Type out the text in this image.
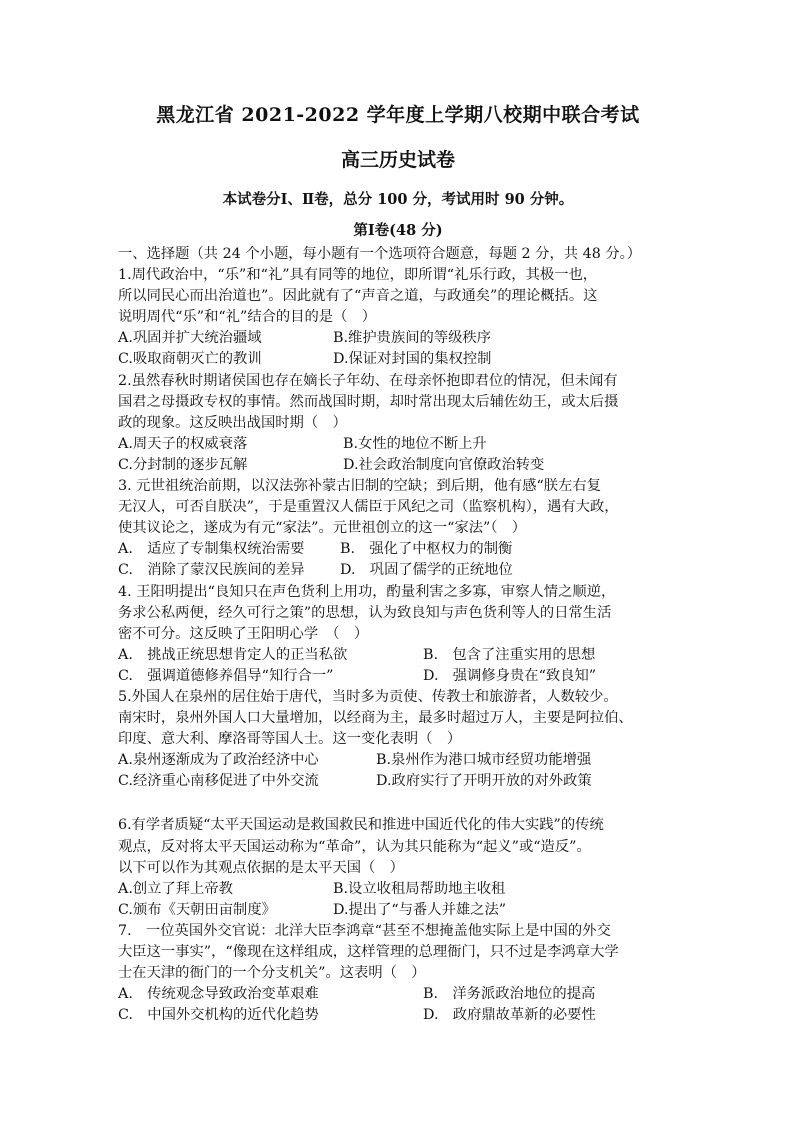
黑龙江省 2021-2022 学年度上学期八校期中联合考试
高三历史试卷
本试卷分Ⅰ、Ⅱ卷，总分 100 分，考试用时 90 分钟。
第Ⅰ卷(48 分)
一、选择题（共 24 个小题，每小题有一个选项符合题意，每题 2 分，共 48 分。）
1.周代政治中，“乐”和“礼”具有同等的地位，即所谓“礼乐行政，其极一也，
所以同民心而出治道也”。因此就有了“声音之道，与政通矣”的理论概括。这
说明周代“乐”和“礼”结合的目的是（　）
A.巩固并扩大统治疆域	B.维护贵族间的等级秩序
C.吸取商朝灭亡的教训	D.保证对封国的集权控制
2.虽然春秋时期诸侯国也存在嫡长子年幼、在母亲怀抱即君位的情况，但未闻有
国君之母摄政专权的事情。然而战国时期，却时常出现太后辅佐幼王，或太后摄
政的现象。这反映出战国时期（　）
A.周天子的权威衰落	B.女性的地位不断上升
C.分封制的逐步瓦解	D.社会政治制度向官僚政治转变
3. 元世祖统治前期，以汉法弥补蒙古旧制的空缺；到后期，他有感“朕左右复
无汉人，可否自朕决”，于是重置汉人儒臣于风纪之司（监察机构），遇有大政，
使其议论之，遂成为有元“家法”。元世祖创立的这一“家法”（　）
A.　适应了专制集权统治需要	B.　强化了中枢权力的制衡
C.　消除了蒙汉民族间的差异	D.　巩固了儒学的正统地位
4. 王阳明提出“良知只在声色货利上用功，酌量利害之多寡，审察人情之顺逆，
务求公私两便，经久可行之策”的思想，认为致良知与声色货利等人的日常生活
密不可分。这反映了王阳明心学　（　）
A.　挑战正统思想肯定人的正当私欲	B.　包含了注重实用的思想
C.　强调道德修养倡导“知行合一”	D.　强调修身贵在“致良知”
5.外国人在泉州的居住始于唐代，当时多为贡使、传教士和旅游者，人数较少。
南宋时，泉州外国人口大量增加，以经商为主，最多时超过万人，主要是阿拉伯、
印度、意大利、摩洛哥等国人士。这一变化表明（　）
A.泉州逐渐成为了政治经济中心	B.泉州作为港口城市经贸功能增强
C.经济重心南移促进了中外交流	D.政府实行了开明开放的对外政策
6.有学者质疑“太平天国运动是救国救民和推进中国近代化的伟大实践”的传统
观点，反对将太平天国运动称为“革命”，认为其只能称为“起义”或“造反”。
以下可以作为其观点依据的是太平天国（　）
A.创立了拜上帝教	B.设立收租局帮助地主收租
C.颁布《天朝田亩制度》	D.提出了“与番人并雄之法”
7.　一位英国外交官说：北洋大臣李鸿章“甚至不想掩盖他实际上是中国的外交
大臣这一事实”，“像现在这样组成，这样管理的总理衙门，只不过是李鸿章大学
士在天津的衙门的一个分支机关”。这表明（　）
A.　传统观念导致政治变革艰难	B.　洋务派政治地位的提高
C.　中国外交机构的近代化趋势	D.　政府鼎故革新的必要性
